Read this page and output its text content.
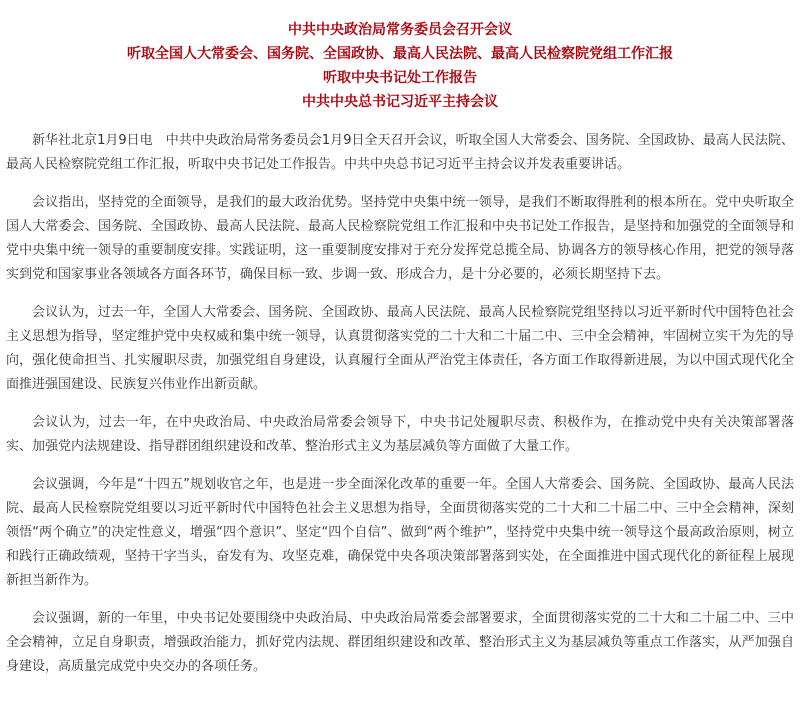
中共中央政治局常务委员会召开会议

听取全国人大常委会、国务院、全国政协、最高人民法院、最高人民检察院党组工作汇报

听取中央书记处工作报告

中共中央总书记习近平主持会议

新华社北京1月9日电　中共中央政治局常务委员会1月9日全天召开会议，听取全国人大常委会、国务院、全国政协、最高人民法院、最高人民检察院党组工作汇报，听取中央书记处工作报告。中共中央总书记习近平主持会议并发表重要讲话。

会议指出，坚持党的全面领导，是我们的最大政治优势。坚持党中央集中统一领导，是我们不断取得胜利的根本所在。党中央听取全国人大常委会、国务院、全国政协、最高人民法院、最高人民检察院党组工作汇报和中央书记处工作报告，是坚持和加强党的全面领导和党中央集中统一领导的重要制度安排。实践证明，这一重要制度安排对于充分发挥党总揽全局、协调各方的领导核心作用，把党的领导落实到党和国家事业各领域各方面各环节，确保目标一致、步调一致、形成合力，是十分必要的，必须长期坚持下去。

会议认为，过去一年，全国人大常委会、国务院、全国政协、最高人民法院、最高人民检察院党组坚持以习近平新时代中国特色社会主义思想为指导，坚定维护党中央权威和集中统一领导，认真贯彻落实党的二十大和二十届二中、三中全会精神，牢固树立实干为先的导向，强化使命担当、扎实履职尽责，加强党组自身建设，认真履行全面从严治党主体责任，各方面工作取得新进展，为以中国式现代化全面推进强国建设、民族复兴伟业作出新贡献。

会议认为，过去一年，在中央政治局、中央政治局常委会领导下，中央书记处履职尽责、积极作为，在推动党中央有关决策部署落实、加强党内法规建设、指导群团组织建设和改革、整治形式主义为基层减负等方面做了大量工作。

会议强调，今年是“十四五”规划收官之年，也是进一步全面深化改革的重要一年。全国人大常委会、国务院、全国政协、最高人民法院、最高人民检察院党组要以习近平新时代中国特色社会主义思想为指导，全面贯彻落实党的二十大和二十届二中、三中全会精神，深刻领悟“两个确立”的决定性意义，增强“四个意识”、坚定“四个自信”、做到“两个维护”，坚持党中央集中统一领导这个最高政治原则，树立和践行正确政绩观，坚持干字当头，奋发有为、攻坚克难，确保党中央各项决策部署落到实处，在全面推进中国式现代化的新征程上展现新担当新作为。

会议强调，新的一年里，中央书记处要围绕中央政治局、中央政治局常委会部署要求，全面贯彻落实党的二十大和二十届二中、三中全会精神，立足自身职责，增强政治能力，抓好党内法规、群团组织建设和改革、整治形式主义为基层减负等重点工作落实，从严加强自身建设，高质量完成党中央交办的各项任务。
